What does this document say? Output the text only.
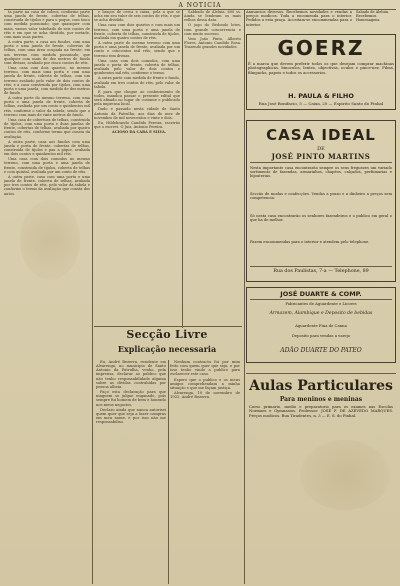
A NOTICIA

ta parte na casa de coleos, conforme parte uma janela de frente, cobertas de telhas, construida de tijolos e para o poque, com tinco com medida possuindo; que quaisquer com mais, vamos valor tabeliado de seis contos de réis e em que se acha dividido, por metade, com mais suas partes.

A outra parte, a casa aos fundos, com uma porta e uma janela de frente, cobertas de telhas, com uma área ocupada na frente; em um terreno com medida possuindo; que qualquer com mais de dez metros de fundo com divisas; avaliado por cinco contos de réis.

Uma casa com dois quartos, no mesmo terreno, com mais uma porta e com uma janela de frente, coberta de telhas, com um terreno avaliado pelo valor de dois contos de réis; e a casa construida por tijolos, com uma porta e uma janela; com medida de dez metros de fundo.

A outra parte do mesmo terreno, com uma porta e uma janela de frente, coberta de telhas, avaliada por um conto e quinhentos mil réis, conforme o valor da tabela; sendo que o terreno com mais de vinte metros de fundo.

Uma casa de cobertura de telhas, construida de tijolos, com uma porta e duas janelas de frente, cobertas de telhas, avaliada por quatro contos de réis, conforme termo que consta da avaliação.

A outra parte, casa aos fundos com uma janela e porta de frente, cobertas de telhas, construida de tijolos e pau a pique, avaliada em dois contos e quinhentos mil réis.

Uma casa com dois comodos no mesmo terreno, com uma porta e uma janela de frente, construida de tijolos, coberta de telhas e com quintal, avaliada por um conto de réis.

A outra parte, casa com uma porta e uma janela de frente, coberta de telhas, avaliada por tres contos de réis, pelo valor da tabela e conforme o termo da avaliação que consta dos autos.

e braços de cerca e caixa, pela a que se acha em seu valor de seis contos de réis, e que se acha dividido.

Uma casa com dois quartos e com mais um terreno, com uma porta e uma janela de frente, coberta de telhas, construida de tijolos, avaliada em quatro contos de réis.

A outra parte do mesmo terreno com uma porta e uma janela de frente, avaliada por um conto e oitocentos mil réis, sendo que o terreno tem divisas.

Uma casa com dois comodos, com uma janela e porta de frente, coberta de telhas, avaliada pelo valor de dois contos e quinhentos mil réis, conforme o termo.

A outra parte com medida de frente e fundo, avaliada em tres contos de réis, pelo valor de tabela.

E para que chegue ao conhecimento de todos, mandou passar o presente edital que será afixado no lugar de costume e publicado pela imprensa local.

Dado e passado nesta cidade de Santo Antonio da Patrulha, aos dias do mez de novembro de mil novecentos e vinte e dois.

Eu, Hildebrando Candido Pereira, escrivão que o escrevi. O Juiz, Antonio Pereira.

ACIOSO DA CARA E SILVA.

Sabbado de Aleluia. 600 ss. Ainda se lembram os mais velhos dessa data.

O jogo do Redondo lotes, com grande concorrencia e com muito sucesso.

Vem João Pinto, Alberto Flores, Antonio Candido Rosa. Trazendo grandes novidades.

Secção Livre
Explicação necessaria

Eu, André Bezerra, residente em Alvarenga, no municipio de Santo Antonio da Patrulha, venho, pela imprensa, declarar ao publico que não tenho responsabilidade alguma sobre as dividas contrahidas por pessoa alheia.

Faço esta declaração para que ninguem se julgue enganado, pois sempre fui homem de bem e honrado nos meus negocios.

Declaro ainda que nunca autorisei quem quer que seja a fazer compras em meu nome, e por isso não me responsabiliso.

Nenhum contracto foi por mim feito com quem quer que seja, e por isso tenho vindo a publico para esclarecer este caso.

Espero que o publico e os meus amigos comprehendam a minha situação e que me façam justiça.

Alvarenga, 10 de novembro de 1922. André Bezerra.

Annuncios diversos. Recebemos novidades e vendas a preços modicos. Toda a encomenda para o interior. Pedidos a esta praça. Acceitam-se encommendas para o interior.
Sabado de Aleluia. Recebemos. Homenagens.
GOERZ
É a marca que devem preferir todos os que desejam comprar machinas photographicas, binoculos, lentes, objectivas, oculos e pince-nez. Films, filmpacks, papeis e todos os accessorios.
H. PAULA & FILHO
Rua José Bonifacio, 5 — Caixa, 20 — Espirito Santo do Pinhal
CASA IDEAL
DE
JOSÉ PINTO MARTINS
Nesta importante casa encontrarão sempre os seus freguezes um variado sortimento de fazendas, armarinhos, chapéos, calçados, perfumarias e bijouterias.
Seccão de modas e confecções. Vendas a prazo e a dinheiro a preços sem competencia.
Só nesta casa encontrarão os senhores fazendeiros e o publico em geral o que ha de melhor.
Fazem encommendas para o interior e atendem pelo telephone.
Rua dos Paulistas, 7-a — Telephone, 89
JOSÉ DUARTE & COMP.
Fabricantes de Aguardente e Licores
Armazem, Alambique e Deposito de bebidas
Aguardente Fina de Canna
Deposito para vendas a varejo
ADÃO DUARTE DO PATEO
Aulas Particulares
Para meninos e meninas
Curso primario, medio e preparatorio para os exames nas Escolas Normaes e Gymnasios. Professor: JOSÉ F. DE AZEVEDO MARQUES. Preços modicos. Rua Tiradentes, n. 3 — E. S. do Pinhal.
